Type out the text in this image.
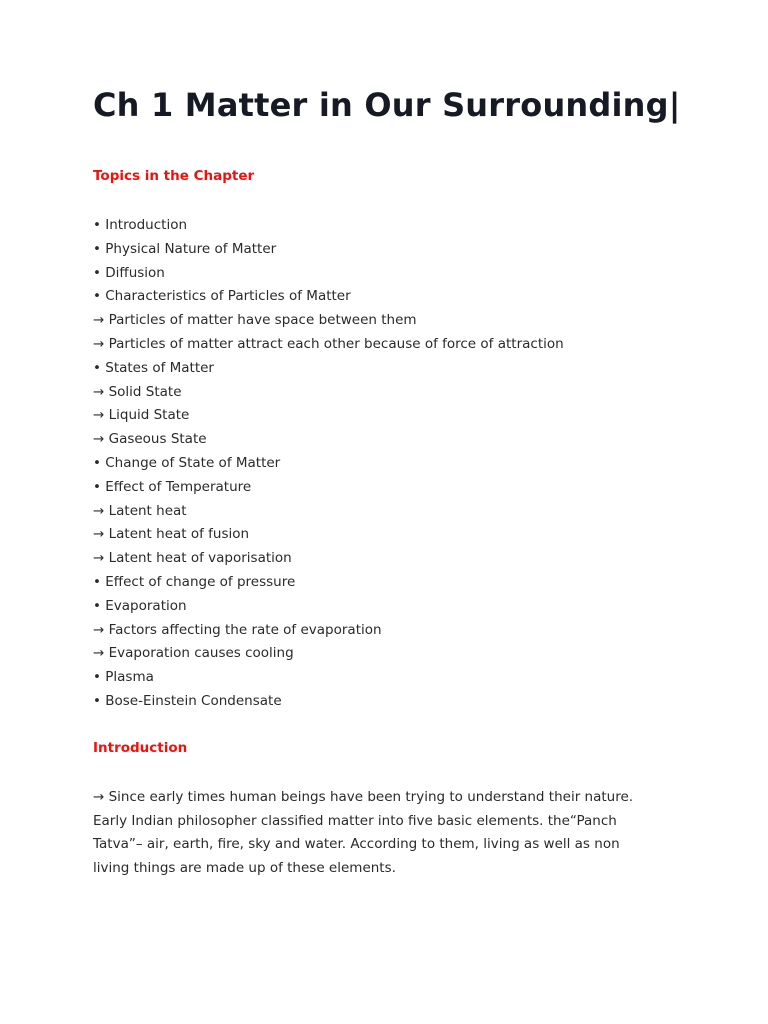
Ch 1 Matter in Our Surrounding|
Topics in the Chapter
• Introduction
• Physical Nature of Matter
• Diffusion
• Characteristics of Particles of Matter
→ Particles of matter have space between them
→ Particles of matter attract each other because of force of attraction
• States of Matter
→ Solid State
→ Liquid State
→ Gaseous State
• Change of State of Matter
• Effect of Temperature
→ Latent heat
→ Latent heat of fusion
→ Latent heat of vaporisation
• Effect of change of pressure
• Evaporation
→ Factors affecting the rate of evaporation
→ Evaporation causes cooling
• Plasma
• Bose-Einstein Condensate
Introduction

→ Since early times human beings have been trying to understand their nature.
Early Indian philosopher classified matter into five basic elements. the“Panch
Tatva”– air, earth, fire, sky and water. According to them, living as well as non
living things are made up of these elements.
